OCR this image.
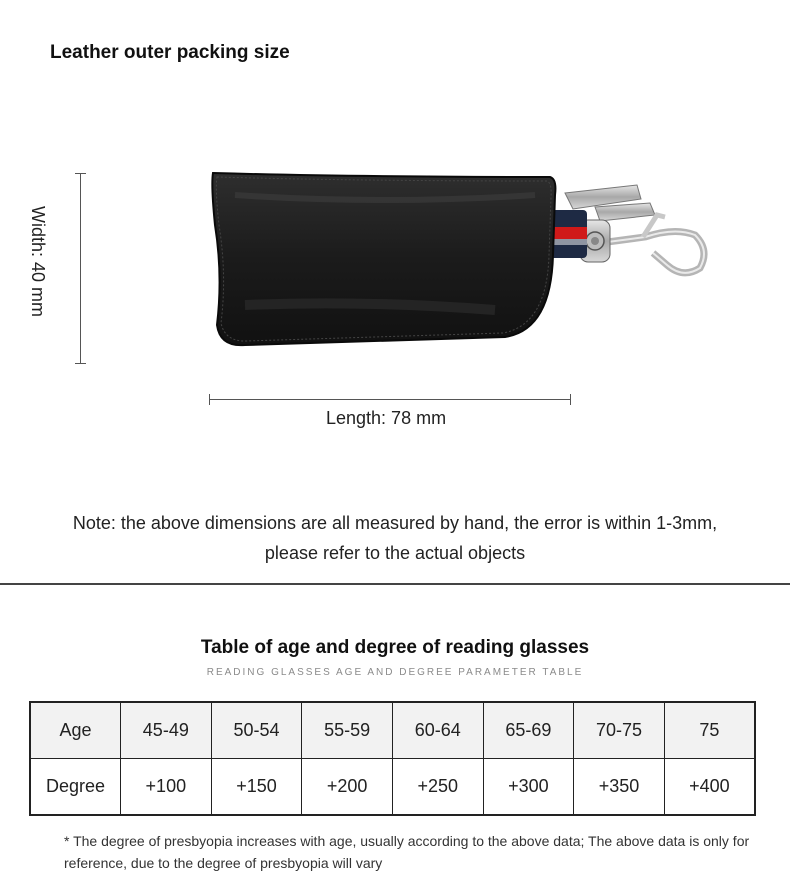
Leather outer packing size
Width: 40 mm
Length: 78 mm
Note: the above dimensions are all measured by hand, the error is within 1-3mm, please refer to the actual objects
Table of age and degree of reading glasses
READING GLASSES AGE AND DEGREE PARAMETER TABLE
Age	45-49	50-54	55-59	60-64	65-69	70-75	75
Degree	+100	+150	+200	+250	+300	+350	+400
* The degree of presbyopia increases with age, usually according to the above data; The above data is only for reference, due to the degree of presbyopia will vary
